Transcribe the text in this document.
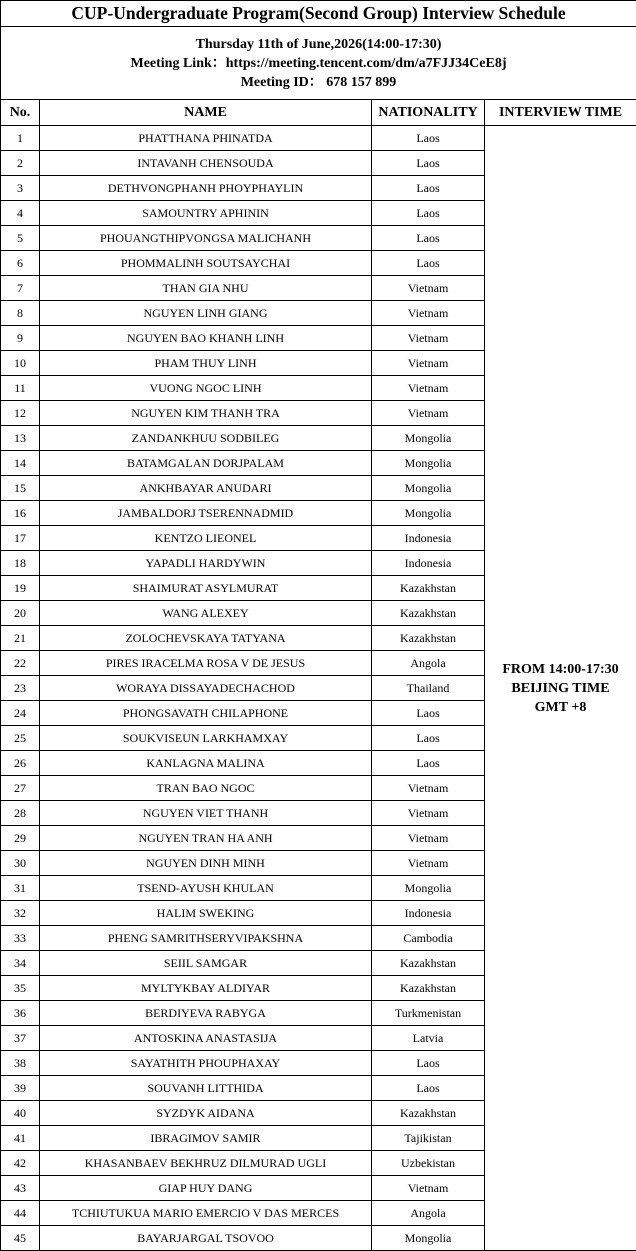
CUP-Undergraduate Program(Second Group) Interview Schedule			

Thursday 11th of June,2026(14:00-17:30)
Meeting Link：https://meeting.tencent.com/dm/a7FJJ34CeE8j
Meeting ID： 678 157 899			

No.	NAME	NATIONALITY	INTERVIEW TIME
1	PHATTHANA PHINATDA	Laos	FROM 14:00-17:30
BEIJING TIME
GMT +8

2	INTAVANH CHENSOUDA	Laos	
3	DETHVONGPHANH PHOYPHAYLIN	Laos	
4	SAMOUNTRY APHININ	Laos	
5	PHOUANGTHIPVONGSA MALICHANH	Laos	
6	PHOMMALINH SOUTSAYCHAI	Laos	
7	THAN GIA NHU	Vietnam	
8	NGUYEN LINH GIANG	Vietnam	
9	NGUYEN BAO KHANH LINH	Vietnam	
10	PHAM THUY LINH	Vietnam	
11	VUONG NGOC LINH	Vietnam	
12	NGUYEN KIM THANH TRA	Vietnam	
13	ZANDANKHUU SODBILEG	Mongolia	
14	BATAMGALAN DORJPALAM	Mongolia	
15	ANKHBAYAR ANUDARI	Mongolia	
16	JAMBALDORJ TSERENNADMID	Mongolia	
17	KENTZO LIEONEL	Indonesia	
18	YAPADLI HARDYWIN	Indonesia	
19	SHAIMURAT ASYLMURAT	Kazakhstan	
20	WANG ALEXEY	Kazakhstan	
21	ZOLOCHEVSKAYA TATYANA	Kazakhstan	
22	PIRES IRACELMA ROSA V DE JESUS	Angola	
23	WORAYA DISSAYADECHACHOD	Thailand	
24	PHONGSAVATH CHILAPHONE	Laos	
25	SOUKVISEUN LARKHAMXAY	Laos	
26	KANLAGNA MALINA	Laos	
27	TRAN BAO NGOC	Vietnam	
28	NGUYEN VIET THANH	Vietnam	
29	NGUYEN TRAN HA ANH	Vietnam	
30	NGUYEN DINH MINH	Vietnam	
31	TSEND-AYUSH KHULAN	Mongolia	
32	HALIM SWEKING	Indonesia	
33	PHENG SAMRITHSERYVIPAKSHNA	Cambodia	
34	SEIIL SAMGAR	Kazakhstan	
35	MYLTYKBAY ALDIYAR	Kazakhstan	
36	BERDIYEVA RABYGA	Turkmenistan	
37	ANTOSKINA ANASTASIJA	Latvia	
38	SAYATHITH PHOUPHAXAY	Laos	
39	SOUVANH LITTHIDA	Laos	
40	SYZDYK AIDANA	Kazakhstan	
41	IBRAGIMOV SAMIR	Tajikistan	
42	KHASANBAEV BEKHRUZ DILMURAD UGLI	Uzbekistan	
43	GIAP HUY DANG	Vietnam	
44	TCHIUTUKUA MARIO EMERCIO V DAS MERCES	Angola	
45	BAYARJARGAL TSOVOO	Mongolia	
